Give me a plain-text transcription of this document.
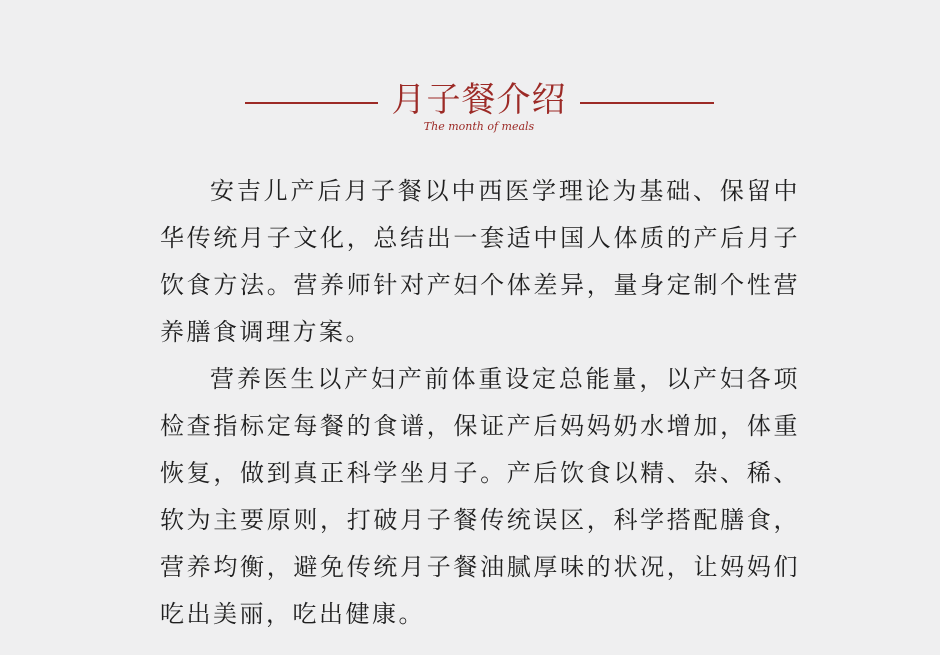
月子餐介绍
The month of meals

安吉儿产后月子餐以中西医学理论为基础、保留中华传统月子文化，总结出一套适中国人体质的产后月子饮食方法。营养师针对产妇个体差异，量身定制个性营养膳食调理方案。

营养医生以产妇产前体重设定总能量，以产妇各项检查指标定每餐的食谱，保证产后妈妈奶水增加，体重恢复，做到真正科学坐月子。产后饮食以精、杂、稀、软为主要原则，打破月子餐传统误区，科学搭配膳食，营养均衡，避免传统月子餐油腻厚味的状况，让妈妈们吃出美丽，吃出健康。
